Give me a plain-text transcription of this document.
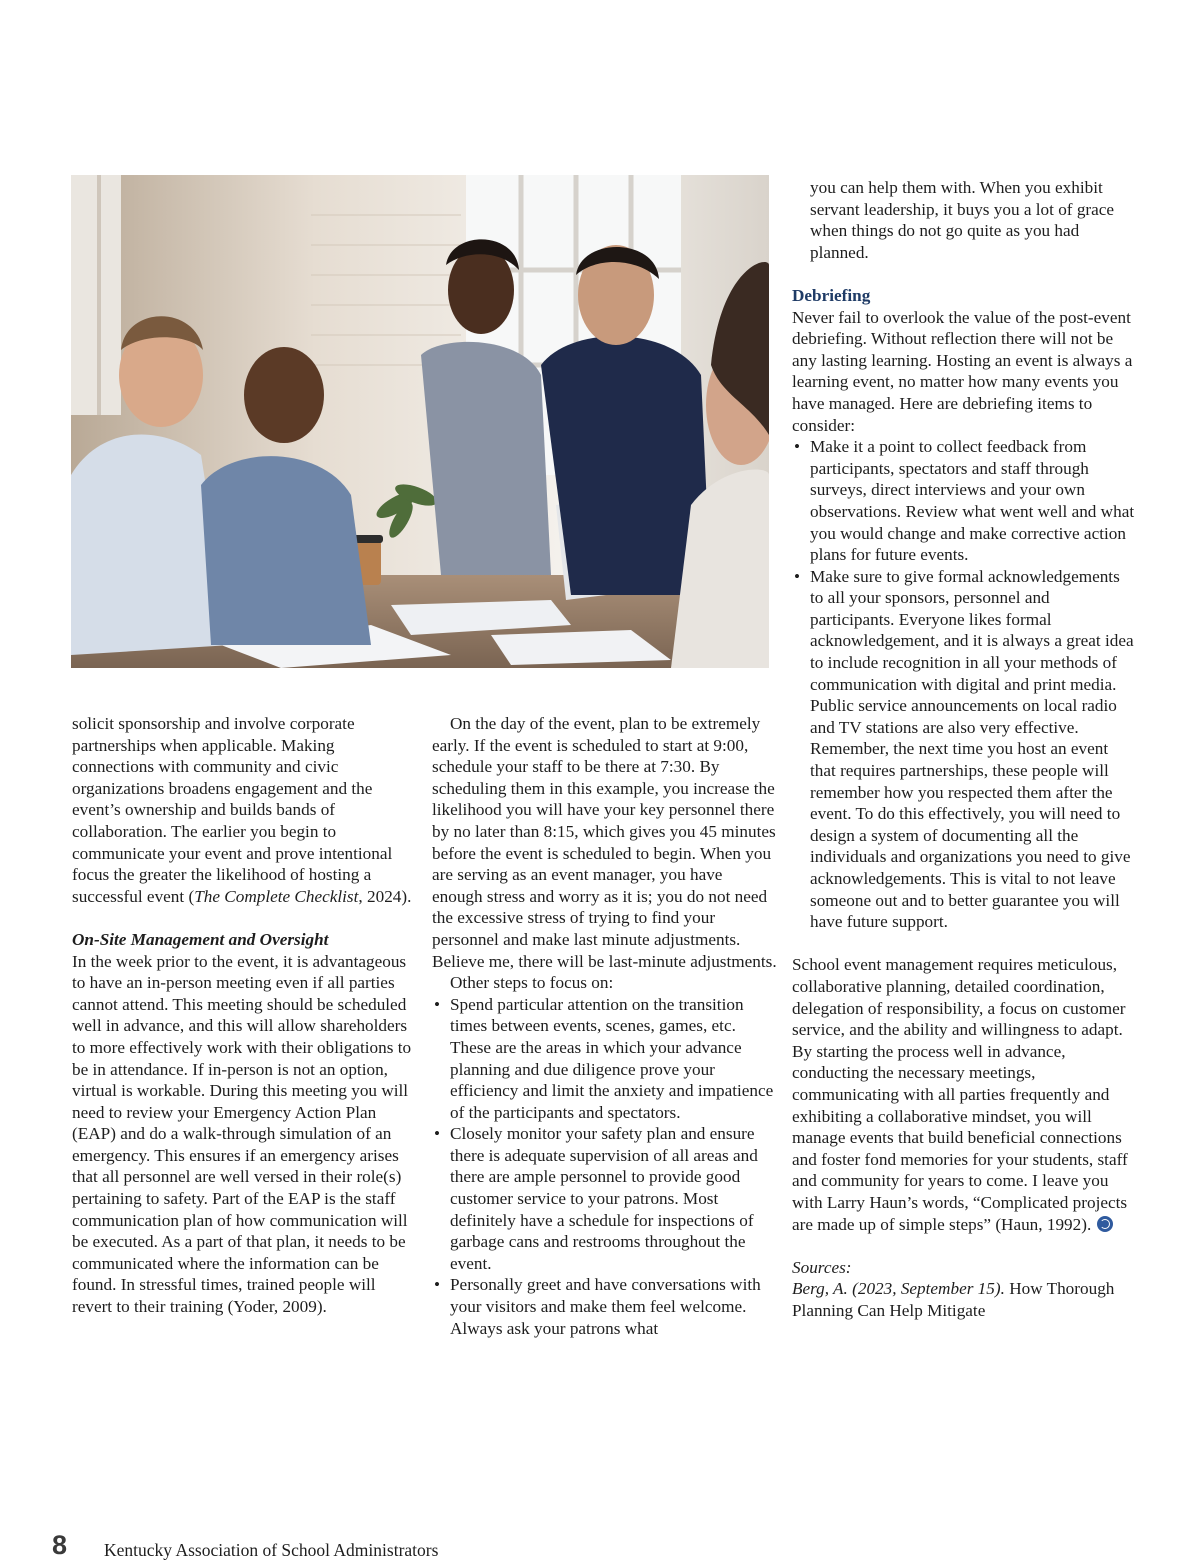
solicit sponsorship and involve corporate partnerships when applicable. Making connections with community and civic organizations broadens engagement and the event’s ownership and builds bands of collaboration. The earlier you begin to communicate your event and prove intentional focus the greater the likelihood of hosting a successful event (The Complete Checklist, 2024).

On-Site Management and Oversight

In the week prior to the event, it is advantageous to have an in-person meeting even if all parties cannot attend. This meeting should be scheduled well in advance, and this will allow shareholders to more effectively work with their obligations to be in attendance. If in-person is not an option, virtual is workable. During this meeting you will need to review your Emergency Action Plan (EAP) and do a walk-through simulation of an emergency. This ensures if an emergency arises that all personnel are well versed in their role(s) pertaining to safety. Part of the EAP is the staff communication plan of how communication will be executed. As a part of that plan, it needs to be communicated where the information can be found. In stressful times, trained people will revert to their training (Yoder, 2009).

On the day of the event, plan to be extremely early. If the event is scheduled to start at 9:00, schedule your staff to be there at 7:30. By scheduling them in this example, you increase the likelihood you will have your key personnel there by no later than 8:15, which gives you 45 minutes before the event is scheduled to begin. When you are serving as an event manager, you have enough stress and worry as it is; you do not need the excessive stress of trying to find your personnel and make last minute adjustments. Believe me, there will be last-minute adjustments.

Other steps to focus on:

• Spend particular attention on the transition times between events, scenes, games, etc. These are the areas in which your advance planning and due diligence prove your efficiency and limit the anxiety and impatience of the participants and spectators.
• Closely monitor your safety plan and ensure there is adequate supervision of all areas and there are ample personnel to provide good customer service to your patrons. Most definitely have a schedule for inspections of garbage cans and restrooms throughout the event.
• Personally greet and have conversations with your visitors and make them feel welcome. Always ask your patrons what

you can help them with. When you exhibit servant leadership, it buys you a lot of grace when things do not go quite as you had planned.

Debriefing

Never fail to overlook the value of the post-event debriefing. Without reflection there will not be any lasting learning. Hosting an event is always a learning event, no matter how many events you have managed. Here are debriefing items to consider:

• Make it a point to collect feedback from participants, spectators and staff through surveys, direct interviews and your own observations. Review what went well and what you would change and make corrective action plans for future events.
• Make sure to give formal acknowledgements to all your sponsors, personnel and participants. Everyone likes formal acknowledgement, and it is always a great idea to include recognition in all your methods of communication with digital and print media. Public service announcements on local radio and TV stations are also very effective. Remember, the next time you host an event that requires partnerships, these people will remember how you respected them after the event. To do this effectively, you will need to design a system of documenting all the individuals and organizations you need to give acknowledgements. This is vital to not leave someone out and to better guarantee you will have future support.

School event management requires meticulous, collaborative planning, detailed coordination, delegation of responsibility, a focus on customer service, and the ability and willingness to adapt. By starting the process well in advance, conducting the necessary meetings, communicating with all parties frequently and exhibiting a collaborative mindset, you will manage events that build beneficial connections and foster fond memories for your students, staff and community for years to come. I leave you with Larry Haun’s words, “Complicated projects are made up of simple steps” (Haun, 1992).

Sources:

Berg, A. (2023, September 15). How Thorough Planning Can Help Mitigate

8 Kentucky Association of School Administrators
